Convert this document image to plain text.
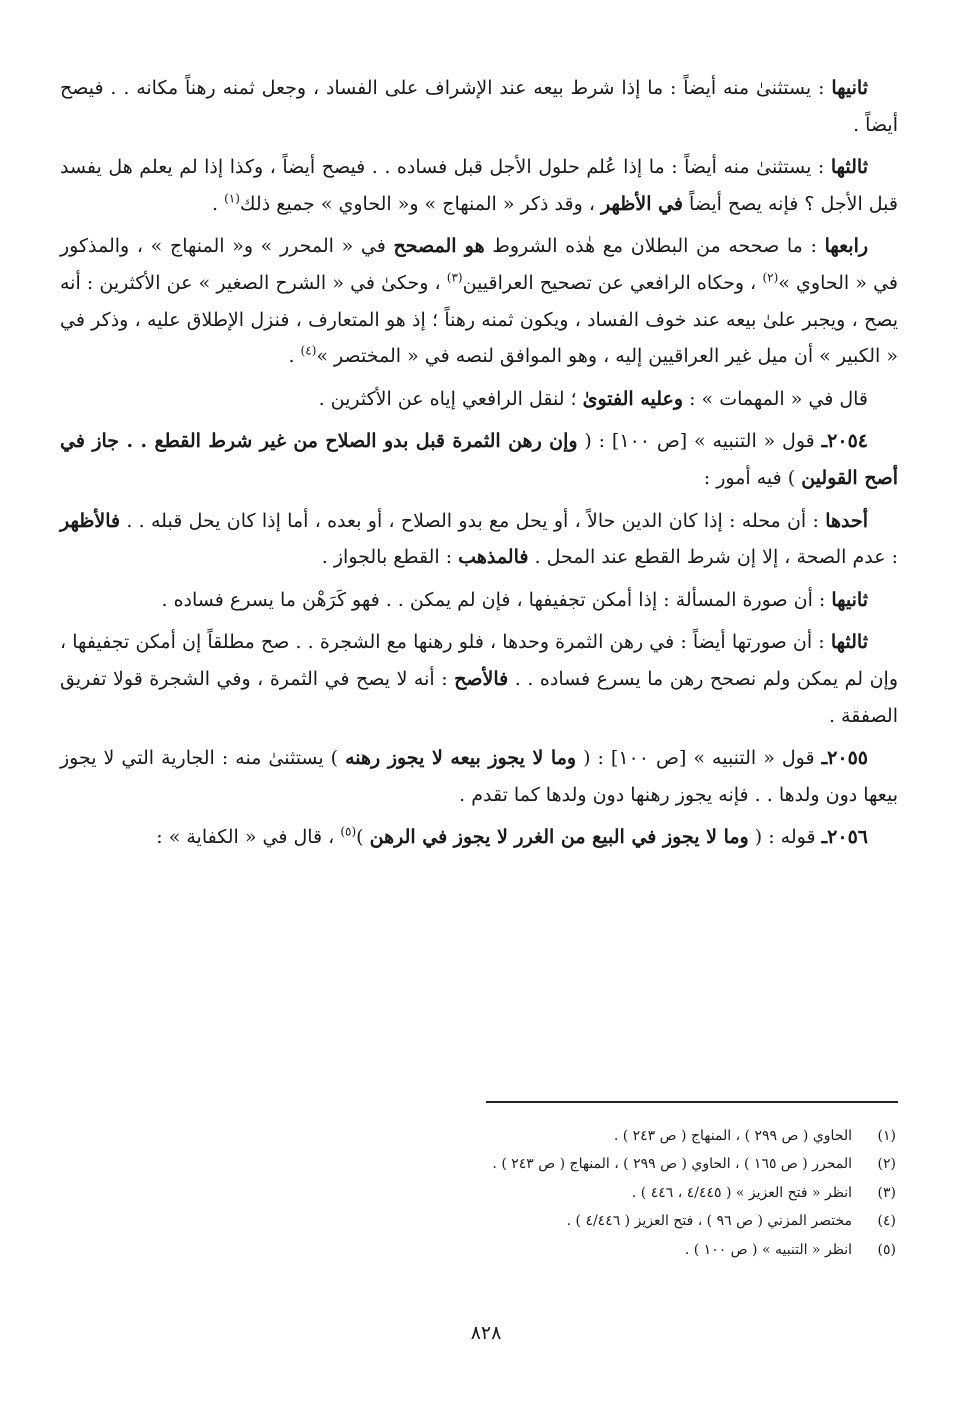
ثانيها : يستثنىٰ منه أيضاً : ما إذا شرط بيعه عند الإشراف على الفساد ، وجعل ثمنه رهناً مكانه . . فيصح أيضاً .

ثالثها : يستثنىٰ منه أيضاً : ما إذا عُلم حلول الأجل قبل فساده . . فيصح أيضاً ، وكذا إذا لم يعلم هل يفسد قبل الأجل ؟ فإنه يصح أيضاً في الأظهر ، وقد ذكر « المنهاج » و« الحاوي » جميع ذلك$^{(١)}$ .

رابعها : ما صححه من البطلان مع هٰذه الشروط هو المصحح في « المحرر » و« المنهاج » ، والمذكور في « الحاوي »$^{(٢)}$ ، وحكاه الرافعي عن تصحيح العراقيين$^{(٣)}$ ، وحكىٰ في « الشرح الصغير » عن الأكثرين : أنه يصح ، ويجبر علىٰ بيعه عند خوف الفساد ، ويكون ثمنه رهناً ؛ إذ هو المتعارف ، فنزل الإطلاق عليه ، وذكر في « الكبير » أن ميل غير العراقيين إليه ، وهو الموافق لنصه في « المختصر »$^{(٤)}$ .

قال في « المهمات » : وعليه الفتوىٰ ؛ لنقل الرافعي إياه عن الأكثرين .

٢٠٥٤ـ قول « التنبيه » [ص ١٠٠] : ( وإن رهن الثمرة قبل بدو الصلاح من غير شرط القطع . . جاز في أصح القولين ) فيه أمور :

أحدها : أن محله : إذا كان الدين حالاً ، أو يحل مع بدو الصلاح ، أو بعده ، أما إذا كان يحل قبله . . فالأظهر : عدم الصحة ، إلا إن شرط القطع عند المحل . فالمذهب : القطع بالجواز .

ثانيها : أن صورة المسألة : إذا أمكن تجفيفها ، فإن لم يمكن . . فهو كَرَهْن ما يسرع فساده .

ثالثها : أن صورتها أيضاً : في رهن الثمرة وحدها ، فلو رهنها مع الشجرة . . صح مطلقاً إن أمكن تجفيفها ، وإن لم يمكن ولم نصحح رهن ما يسرع فساده . . فالأصح : أنه لا يصح في الثمرة ، وفي الشجرة قولا تفريق الصفقة .

٢٠٥٥ـ قول « التنبيه » [ص ١٠٠] : ( وما لا يجوز بيعه لا يجوز رهنه ) يستثنىٰ منه : الجارية التي لا يجوز بيعها دون ولدها . . فإنه يجوز رهنها دون ولدها كما تقدم .

٢٠٥٦ـ قوله : ( وما لا يجوز في البيع من الغرر لا يجوز في الرهن )$^{(٥)}$ ، قال في « الكفاية » :

(١)الحاوي ( ص ٢٩٩ ) ، المنهاج ( ص ٢٤٣ ) .
(٢)المحرر ( ص ١٦٥ ) ، الحاوي ( ص ٢٩٩ ) ، المنهاج ( ص ٢٤٣ ) .
(٣)انظر « فتح العزيز » ( ٤/٤٤٥ ، ٤٤٦ ) .
(٤)مختصر المزني ( ص ٩٦ ) ، فتح العزيز ( ٤/٤٤٦ ) .
(٥)انظر « التنبيه » ( ص ١٠٠ ) .
٨٢٨
